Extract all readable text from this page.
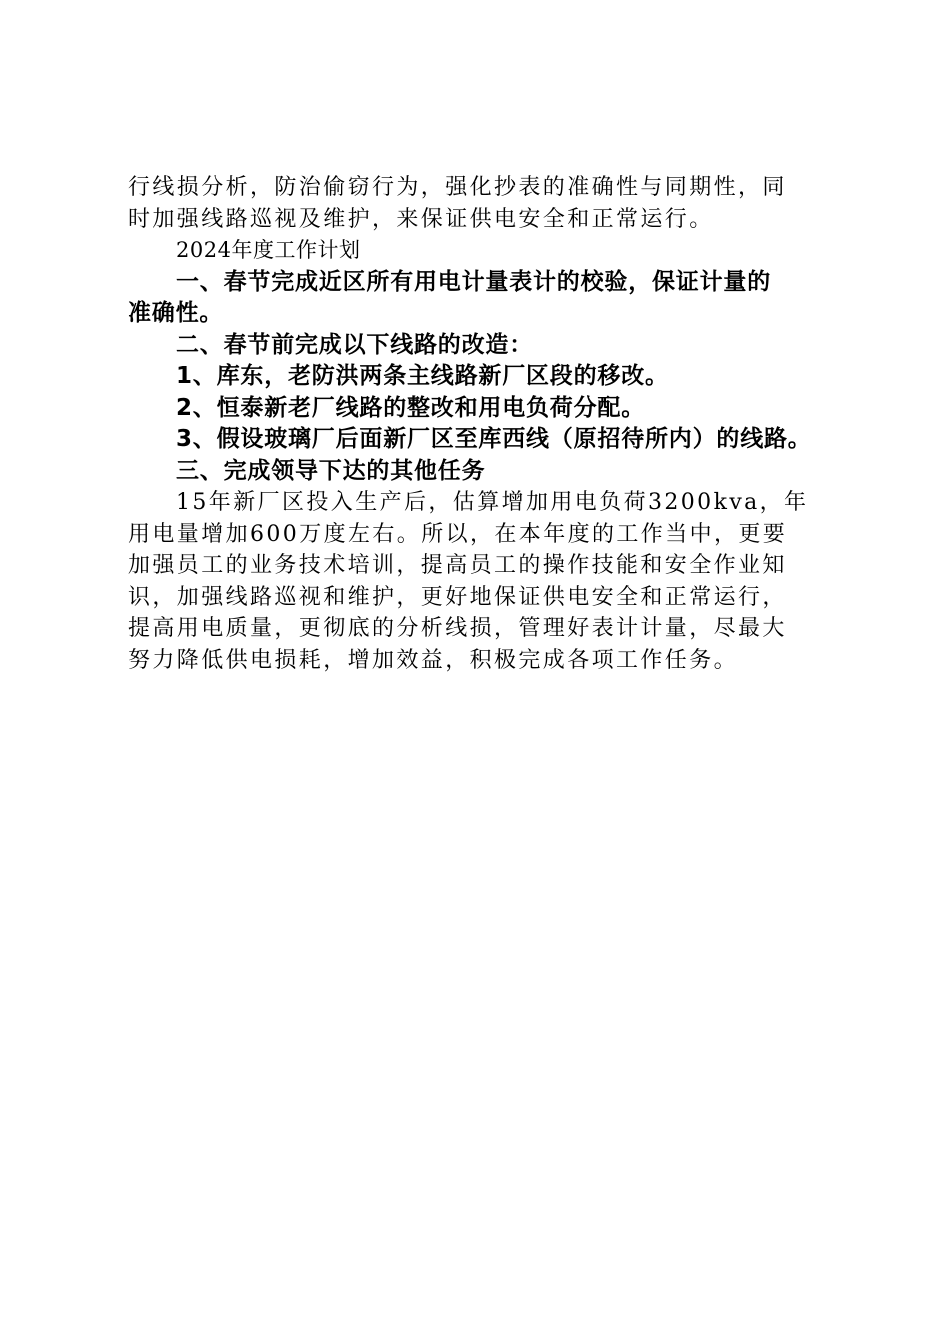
行线损分析，防治偷窃行为，强化抄表的准确性与同期性，同

时加强线路巡视及维护，来保证供电安全和正常运行。

2024年度工作计划

一、春节完成近区所有用电计量表计的校验，保证计量的

准确性。

二、春节前完成以下线路的改造：

1、库东，老防洪两条主线路新厂区段的移改。

2、恒泰新老厂线路的整改和用电负荷分配。

3、假设玻璃厂后面新厂区至库西线（原招待所内）的线路。

三、完成领导下达的其他任务

15年新厂区投入生产后，估算增加用电负荷3200kva，年

用电量增加600万度左右。所以，在本年度的工作当中，更要

加强员工的业务技术培训，提高员工的操作技能和安全作业知

识，加强线路巡视和维护，更好地保证供电安全和正常运行，

提高用电质量，更彻底的分析线损，管理好表计计量，尽最大

努力降低供电损耗，增加效益，积极完成各项工作任务。
